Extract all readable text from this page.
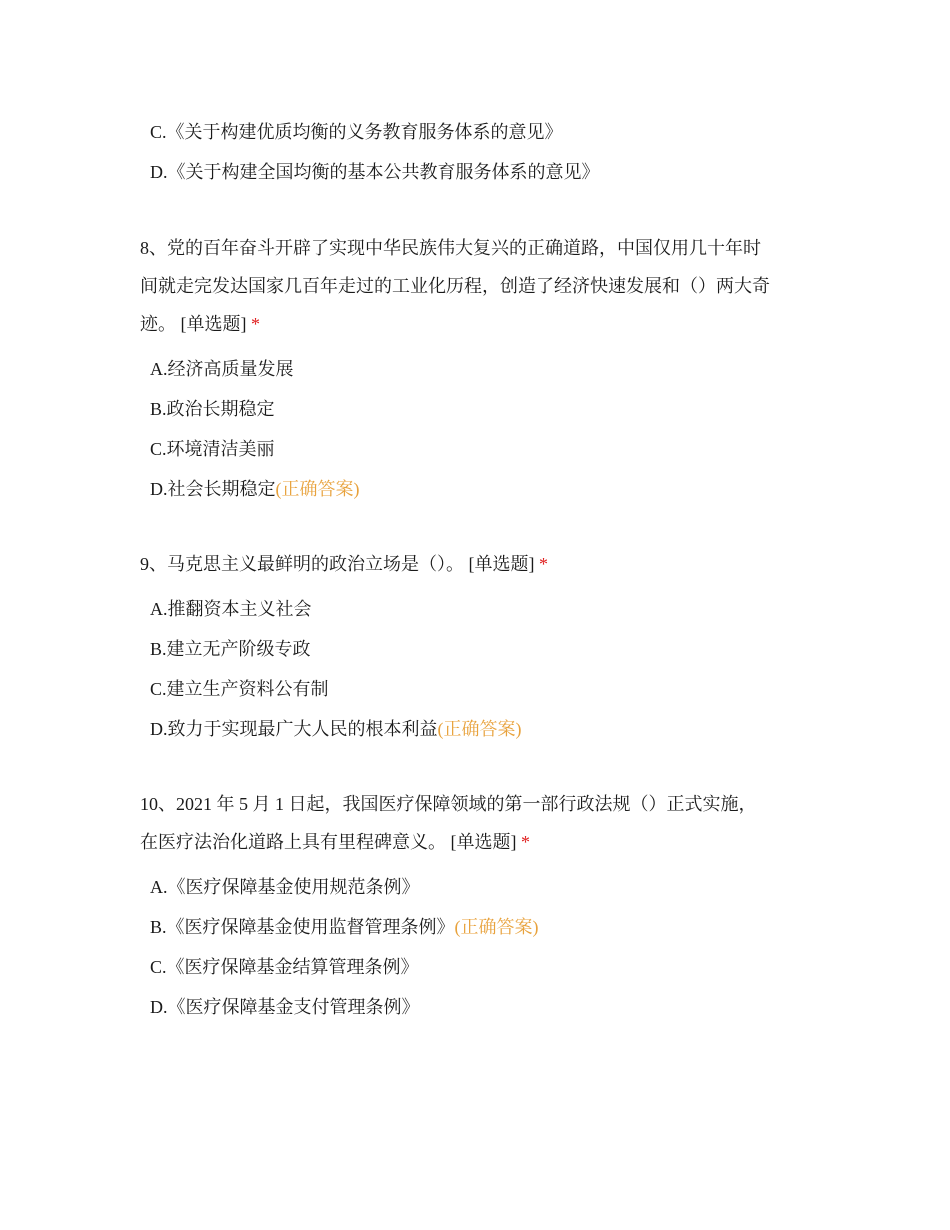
C.《关于构建优质均衡的义务教育服务体系的意见》
D.《关于构建全国均衡的基本公共教育服务体系的意见》
8、党的百年奋斗开辟了实现中华民族伟大复兴的正确道路，中国仅用几十年时
间就走完发达国家几百年走过的工业化历程，创造了经济快速发展和（）两大奇
迹。 [单选题] *
A.经济高质量发展
B.政治长期稳定
C.环境清洁美丽
D.社会长期稳定(正确答案)
9、马克思主义最鲜明的政治立场是（）。 [单选题] *
A.推翻资本主义社会
B.建立无产阶级专政
C.建立生产资料公有制
D.致力于实现最广大人民的根本利益(正确答案)
10、2021 年 5 月 1 日起，我国医疗保障领域的第一部行政法规（）正式实施，
在医疗法治化道路上具有里程碑意义。 [单选题] *
A.《医疗保障基金使用规范条例》
B.《医疗保障基金使用监督管理条例》(正确答案)
C.《医疗保障基金结算管理条例》
D.《医疗保障基金支付管理条例》
